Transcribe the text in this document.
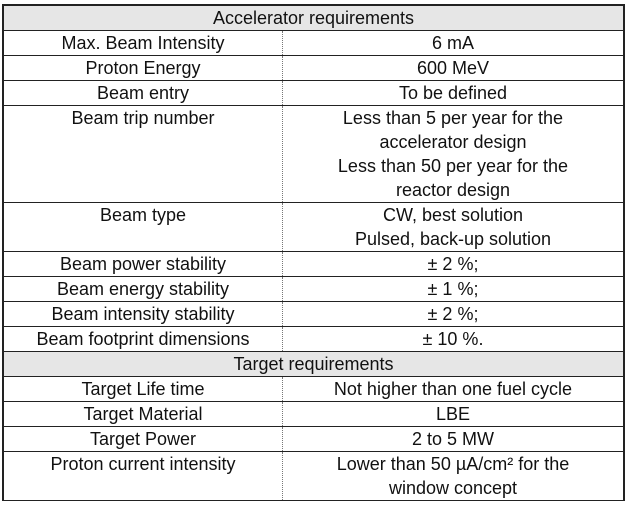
Accelerator requirements	
Max. Beam Intensity	6 mA

Proton Energy	600 MeV

Beam entry	To be defined

Beam trip number	Less than 5 per year for the
accelerator design
Less than 50 per year for the
reactor design

Beam type	CW, best solution
Pulsed, back-up solution

Beam power stability	± 2 %;

Beam energy stability	± 1 %;

Beam intensity stability	± 2 %;

Beam footprint dimensions	± 10 %.

Target requirements	
Target Life time	Not higher than one fuel cycle

Target Material	LBE

Target Power	2 to 5 MW

Proton current intensity	Lower than 50 µA/cm² for the
window concept
